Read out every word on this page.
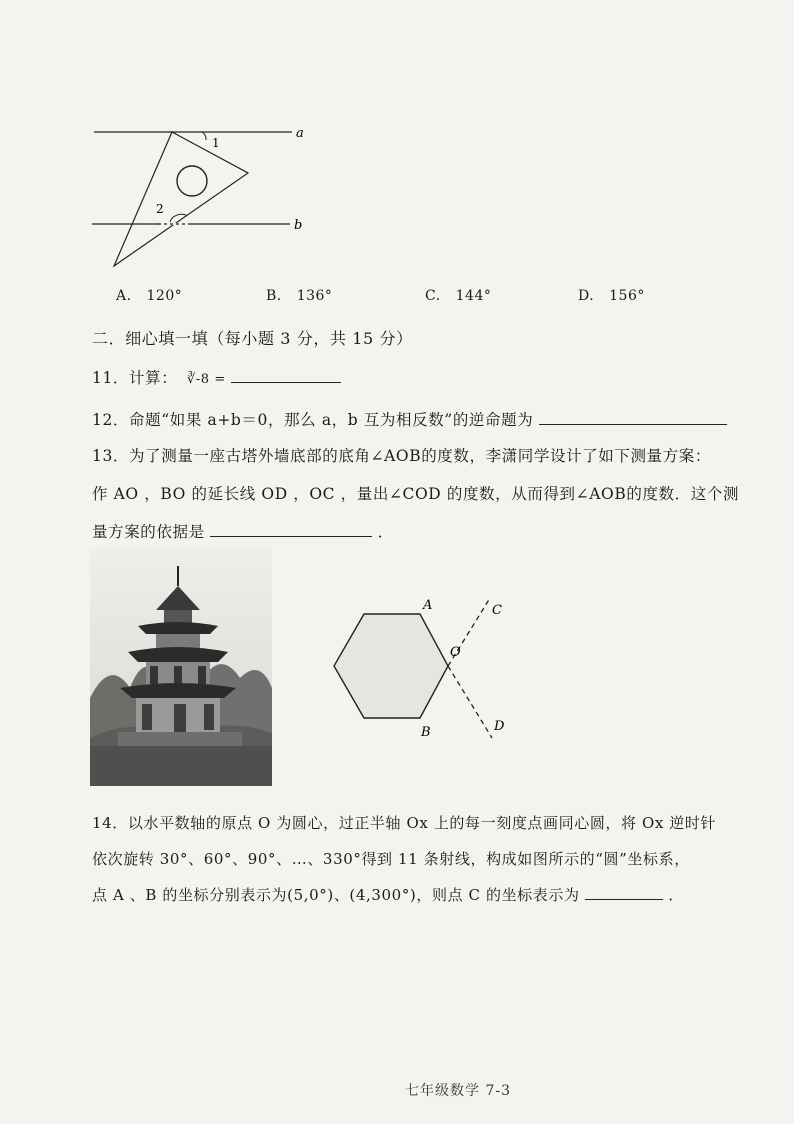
1
2
a
b
A. 120°	B. 136°	C. 144°	D. 156°
二．细心填一填（每小题 3 分，共 15 分）
11．计算： ∛-8 =
12．命题“如果 a+b＝0，那么 a，b 互为相反数”的逆命题为
13．为了测量一座古塔外墙底部的底角∠AOB的度数，李潇同学设计了如下测量方案：
作 AO ，BO 的延长线 OD ，OC ，量出∠COD 的度数，从而得到∠AOB的度数．这个测
量方案的依据是	．
A
B
C
D
O
14．以水平数轴的原点 O 为圆心，过正半轴 Ox 上的每一刻度点画同心圆，将 Ox 逆时针
依次旋转 30°、60°、90°、…、330°得到 11 条射线，构成如图所示的“圆”坐标系，
点 A 、B 的坐标分别表示为(5,0°)、(4,300°)，则点 C 的坐标表示为	．
七年级数学 7-3
